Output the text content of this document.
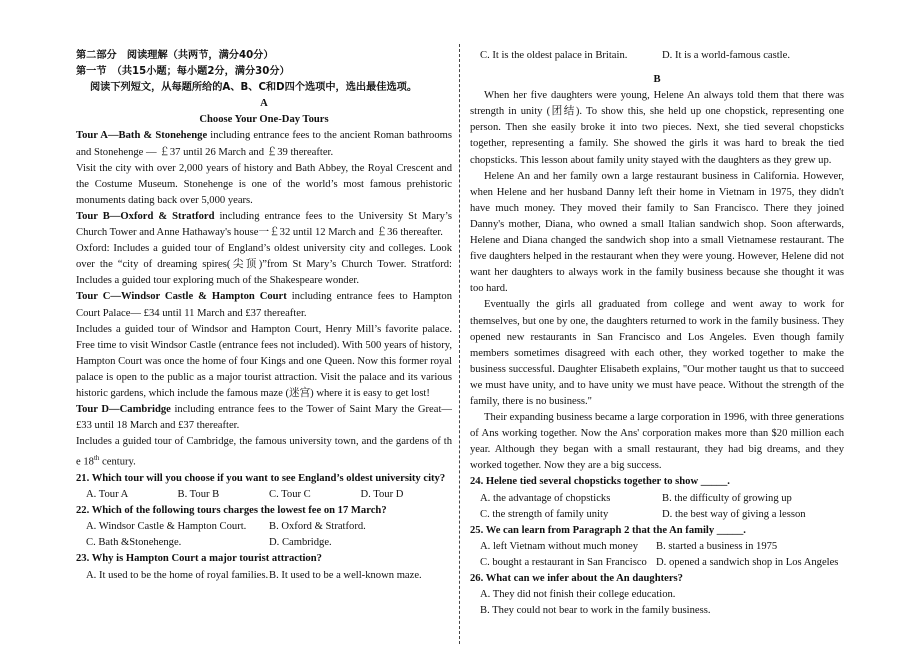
第二部分　阅读理解（共两节，满分40分）

第一节　（共15小题；每小题2分，满分30分）

阅读下列短文，从每题所给的A、B、C和D四个选项中，选出最佳选项。

A

Choose Your One-Day Tours

Tour A—Bath & Stonehenge including entrance fees to the ancient Roman bathrooms and Stonehenge — ￡37 until 26 March and ￡39 thereafter.

Visit the city with over 2,000 years of history and Bath Abbey, the Royal Crescent and the Costume Museum. Stonehenge is one of the world’s most famous prehistoric monuments dating back over 5,000 years.

Tour B—Oxford & Stratford including entrance fees to the University St Mary’s Church Tower and Anne Hathaway's house一￡32 until 12 March and ￡36 thereafter.

Oxford: Includes a guided tour of England’s oldest university city and colleges. Look over the “city of dreaming spires(尖顶)”from St Mary’s Church Tower. Stratford: Includes a guided tour exploring much of the Shakespeare wonder.

Tour C—Windsor Castle & Hampton Court including entrance fees to Hampton Court Palace— £34 until 11 March and £37 thereafter.

Includes a guided tour of Windsor and Hampton Court, Henry Mill’s favorite palace. Free time to visit Windsor Castle (entrance fees not included). With 500 years of history, Hampton Court was once the home of four Kings and one Queen. Now this former royal palace is open to the public as a major tourist attraction. Visit the palace and its various historic gardens, which include the famous maze (迷宫) where it is easy to get lost!

Tour D—Cambridge including entrance fees to the Tower of Saint Mary the Great—£33 until 18 March and £37 thereafter.

Includes a guided tour of Cambridge, the famous university town, and the gardens of th e 18th century.

21. Which tour will you choose if you want to see England’s oldest university city?

A. Tour A	B. Tour B	C. Tour C	D. Tour D

22. Which of the following tours charges the lowest fee on 17 March?

A. Windsor Castle & Hampton Court.	B. Oxford & Stratford.
C. Bath &Stonehenge.	D. Cambridge.

23. Why is Hampton Court a major tourist attraction?

A. It used to be the home of royal families. B. It used to be a well-known maze.
C. It is the oldest palace in Britain.	D. It is a world-famous castle.

B

When her five daughters were young, Helene An always told them that there was strength in unity (团结). To show this, she held up one chopstick, representing one person. Then she easily broke it into two pieces. Next, she tied several chopsticks together, representing a family. She showed the girls it was hard to break the tied chopsticks. This lesson about family unity stayed with the daughters as they grew up.

Helene An and her family own a large restaurant business in California. However, when Helene and her husband Danny left their home in Vietnam in 1975, they didn't have much money. They moved their family to San Francisco. There they joined Danny's mother, Diana, who owned a small Italian sandwich shop. Soon afterwards, Helene and Diana changed the sandwich shop into a small Vietnamese restaurant. The five daughters helped in the restaurant when they were young. However, Helene did not want her daughters to always work in the family business because she thought it was too hard.

Eventually the girls all graduated from college and went away to work for themselves, but one by one, the daughters returned to work in the family business. They opened new restaurants in San Francisco and Los Angeles. Even though family members sometimes disagreed with each other, they worked together to make the business successful. Daughter Elisabeth explains, "Our mother taught us that to succeed we must have unity, and to have unity we must have peace. Without the strength of the family, there is no business."

Their expanding business became a large corporation in 1996, with three generations of Ans working together. Now the Ans' corporation makes more than $20 million each year. Although they began with a small restaurant, they had big dreams, and they worked together. Now they are a big success.

24. Helene tied several chopsticks together to show _____.

A. the advantage of chopsticks	B. the difficulty of growing up
C. the strength of family unity	D. the best way of giving a lesson

25. We can learn from Paragraph 2 that the An family _____.

A. left Vietnam without much money B. started a business in 1975
C. bought a restaurant in San Francisco D. opened a sandwich shop in Los Angeles

26. What can we infer about the An daughters?

A. They did not finish their college education.
B. They could not bear to work in the family business.
